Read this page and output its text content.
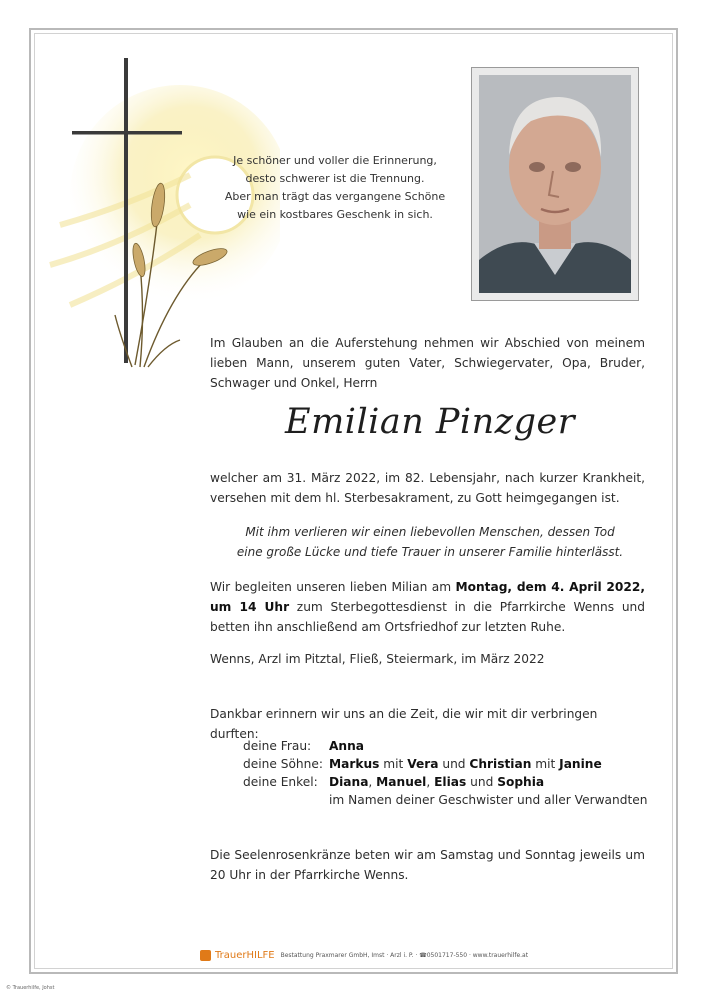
Je schöner und voller die Erinnerung,
desto schwerer ist die Trennung.
Aber man trägt das vergangene Schöne
wie ein kostbares Geschenk in sich.
Im Glauben an die Auferstehung nehmen wir Abschied von meinem lieben Mann, unserem guten Vater, Schwiegervater, Opa, Bruder, Schwager und Onkel, Herrn
Emilian Pinzger
welcher am 31. März 2022, im 82. Lebensjahr, nach kurzer Krankheit, versehen mit dem hl. Sterbesakrament, zu Gott heimgegangen ist.
Mit ihm verlieren wir einen liebevollen Menschen, dessen Tod
eine große Lücke und tiefe Trauer in unserer Familie hinterlässt.
Wir begleiten unseren lieben Milian am Montag, dem 4. April 2022, um 14 Uhr zum Sterbegottesdienst in die Pfarrkirche Wenns und betten ihn anschließend am Ortsfriedhof zur letzten Ruhe.
Wenns, Arzl im Pitztal, Fließ, Steiermark, im März 2022
Dankbar erinnern wir uns an die Zeit, die wir mit dir verbringen durften:
deine Frau:	Anna
deine Söhne: Markus mit Vera und Christian mit Janine
deine Enkel: Diana, Manuel, Elias und Sophia
im Namen deiner Geschwister und aller Verwandten
Die Seelenrosenkränze beten wir am Samstag und Sonntag jeweils um 20 Uhr in der Pfarrkirche Wenns.
TrauerHILFE Bestattung Praxmarer GmbH, Imst · Arzl i. P. · ☎0501717-550 · www.trauerhilfe.at
© Trauerhilfe, Johst
